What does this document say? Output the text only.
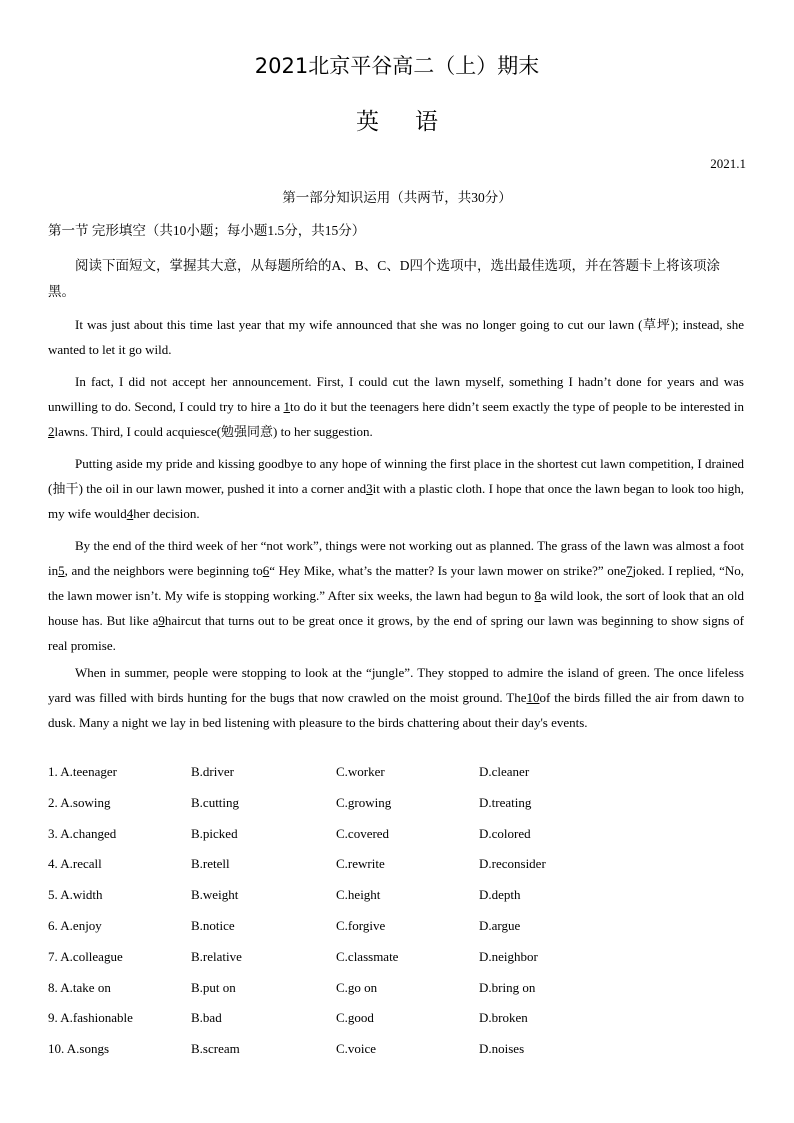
2021北京平谷高二（上）期末
英语
2021.1
第一部分知识运用（共两节，共30分）
第一节 完形填空（共10小题；每小题1.5分，共15分）
阅读下面短文，掌握其大意，从每题所给的A、B、C、D四个选项中，选出最佳选项，并在答题卡上将该项涂黑。
It was just about this time last year that my wife announced that she was no longer going to cut our lawn (草坪); instead, she wanted to let it go wild.
In fact, I did not accept her announcement. First, I could cut the lawn myself, something I hadn’t done for years and was unwilling to do. Second, I could try to hire a 1to do it but the teenagers here didn’t seem exactly the type of people to be interested in2lawns. Third, I could acquiesce(勉强同意) to her suggestion.
Putting aside my pride and kissing goodbye to any hope of winning the first place in the shortest cut lawn competition, I drained (抽干) the oil in our lawn mower, pushed it into a corner and3it with a plastic cloth. I hope that once the lawn began to look too high, my wife would4her decision.
By the end of the third week of her “not work”, things were not working out as planned. The grass of the lawn was almost a foot in5, and the neighbors were beginning to6“ Hey Mike, what’s the matter? Is your lawn mower on strike?” one7joked. I replied, “No, the lawn mower isn’t. My wife is stopping working.” After six weeks, the lawn had begun to 8a wild look, the sort of look that an old house has. But like a9haircut that turns out to be great once it grows, by the end of spring our lawn was beginning to show signs of real promise.
When in summer, people were stopping to look at the “jungle”. They stopped to admire the island of green. The once lifeless yard was filled with birds hunting for the bugs that now crawled on the moist ground. The10of the birds filled the air from dawn to dusk. Many a night we lay in bed listening with pleasure to the birds chattering about their day's events.
1. A.teenager	B.driver	C.worker	D.cleaner
2. A.sowing	B.cutting	C.growing	D.treating
3. A.changed	B.picked	C.covered	D.colored
4. A.recall	B.retell	C.rewrite	D.reconsider
5. A.width	B.weight	C.height	D.depth
6. A.enjoy	B.notice	C.forgive	D.argue
7. A.colleague	B.relative	C.classmate	D.neighbor
8. A.take on	B.put on	C.go on	D.bring on
9. A.fashionable	B.bad	C.good	D.broken
10. A.songs	B.scream	C.voice	D.noises
